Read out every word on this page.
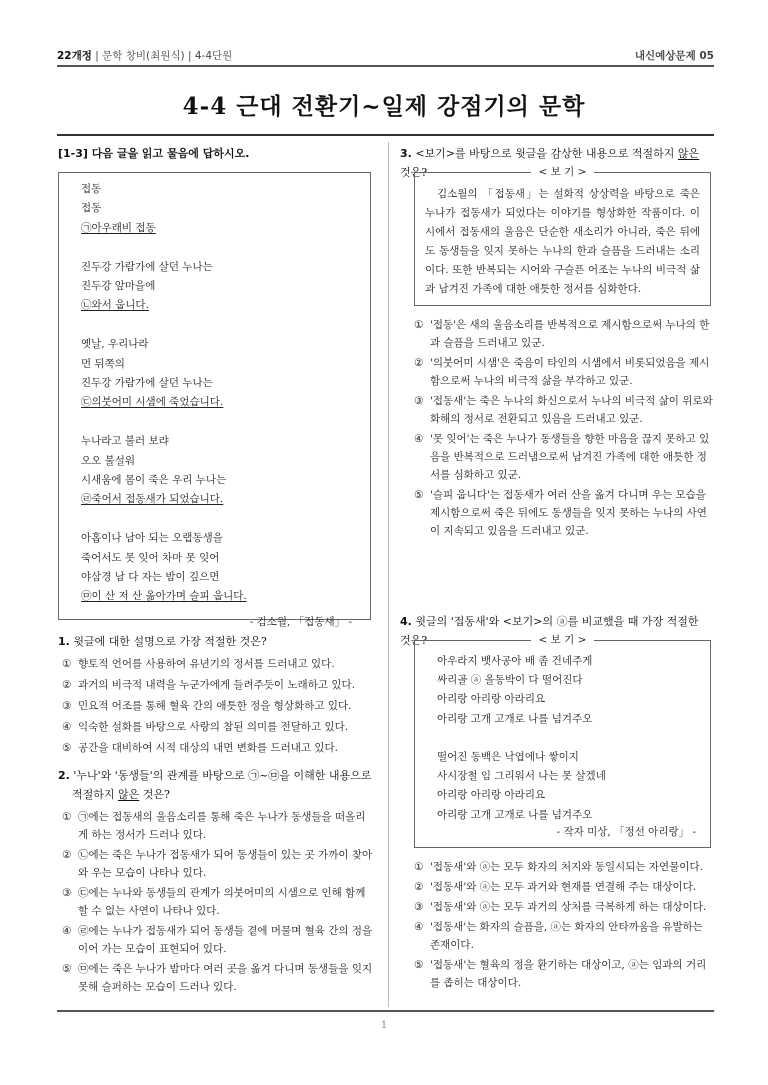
22개정 | 문학 창비(최원식) | 4-4단원	내신예상문제 05
4-4 근대 전환기~일제 강점기의 문학
[1-3] 다음 글을 읽고 물음에 답하시오.
접동
접동
㉠아우래비 접동
진두강 가람가에 살던 누나는
진두강 앞마을에
㉡와서 웁니다.
옛날, 우리나라
먼 뒤쪽의
진두강 가람가에 살던 누나는
㉢의붓어미 시샘에 죽었습니다.
누나라고 불러 보랴
오오 불설워
시새움에 몸이 죽은 우리 누나는
㉣죽어서 접동새가 되었습니다.
아홉이나 남아 되는 오랩동생을
죽어서도 못 잊어 차마 못 잊어
야삼경 남 다 자는 밤이 깊으면
㉤이 산 저 산 옮아가며 슬피 웁니다.
- 김소월, 「접동새」 -
1. 윗글에 대한 설명으로 가장 적절한 것은?

① 향토적 언어를 사용하여 유년기의 정서를 드러내고 있다.

② 과거의 비극적 내력을 누군가에게 들려주듯이 노래하고 있다.

③ 민요적 어조를 통해 혈육 간의 애틋한 정을 형상화하고 있다.

④ 익숙한 설화를 바탕으로 사랑의 참된 의미를 전달하고 있다.

⑤ 공간을 대비하여 시적 대상의 내면 변화를 드러내고 있다.

2. '누나'와 '동생들'의 관계를 바탕으로 ㉠~㉤을 이해한 내용으로
적절하지 않은 것은?

① ㉠에는 접동새의 울음소리를 통해 죽은 누나가 동생들을 떠올리게 하는 정서가 드러나 있다.

② ㉡에는 죽은 누나가 접동새가 되어 동생들이 있는 곳 가까이 찾아와 우는 모습이 나타나 있다.

③ ㉢에는 누나와 동생들의 관계가 의붓어미의 시샘으로 인해 함께할 수 없는 사연이 나타나 있다.

④ ㉣에는 누나가 접동새가 되어 동생들 곁에 머물며 혈육 간의 정을 이어 가는 모습이 표현되어 있다.

⑤ ㉤에는 죽은 누나가 밤마다 여러 곳을 옮겨 다니며 동생들을 잊지 못해 슬퍼하는 모습이 드러나 있다.

3. <보기>를 바탕으로 윗글을 감상한 내용으로 적절하지 않은 것은?	< 보 기 >
김소월의 「접동새」는 설화적 상상력을 바탕으로 죽은 누나가 접동새가 되었다는 이야기를 형상화한 작품이다. 이 시에서 접동새의 울음은 단순한 새소리가 아니라, 죽은 뒤에도 동생들을 잊지 못하는 누나의 한과 슬픔을 드러내는 소리이다. 또한 반복되는 시어와 구슬픈 어조는 누나의 비극적 삶과 남겨진 가족에 대한 애틋한 정서를 심화한다.

① '접동'은 새의 울음소리를 반복적으로 제시함으로써 누나의 한과 슬픔을 드러내고 있군.

② '의붓어미 시샘'은 죽음이 타인의 시샘에서 비롯되었음을 제시함으로써 누나의 비극적 삶을 부각하고 있군.

③ '접동새'는 죽은 누나의 화신으로서 누나의 비극적 삶이 위로와 화해의 정서로 전환되고 있음을 드러내고 있군.

④ '못 잊어'는 죽은 누나가 동생들을 향한 마음을 끊지 못하고 있음을 반복적으로 드러냄으로써 남겨진 가족에 대한 애틋한 정서를 심화하고 있군.

⑤ '슬피 웁니다'는 접동새가 여러 산을 옮겨 다니며 우는 모습을 제시함으로써 죽은 뒤에도 동생들을 잊지 못하는 누나의 사연이 지속되고 있음을 드러내고 있군.

4. 윗글의 '접동새'와 <보기>의 ⓐ를 비교했을 때 가장 적절한 것은?	< 보 기 >
아우라지 뱃사공아 배 좀 건네주게
싸리골 ⓐ 올동박이 다 떨어진다
아리랑 아리랑 아라리요
아리랑 고개 고개로 나를 넘겨주오
떨어진 동백은 낙엽에나 쌓이지
사시장철 임 그리워서 나는 못 살겠네
아리랑 아리랑 아라리요
아리랑 고개 고개로 나를 넘겨주오
- 작자 미상, 「정선 아리랑」 -

① '접동새'와 ⓐ는 모두 화자의 처지와 동일시되는 자연물이다.

② '접동새'와 ⓐ는 모두 과거와 현재를 연결해 주는 대상이다.

③ '접동새'와 ⓐ는 모두 과거의 상처를 극복하게 하는 대상이다.

④ '접동새'는 화자의 슬픔을, ⓐ는 화자의 안타까움을 유발하는 존재이다.

⑤ '접동새'는 혈육의 정을 환기하는 대상이고, ⓐ는 임과의 거리를 좁히는 대상이다.

1
